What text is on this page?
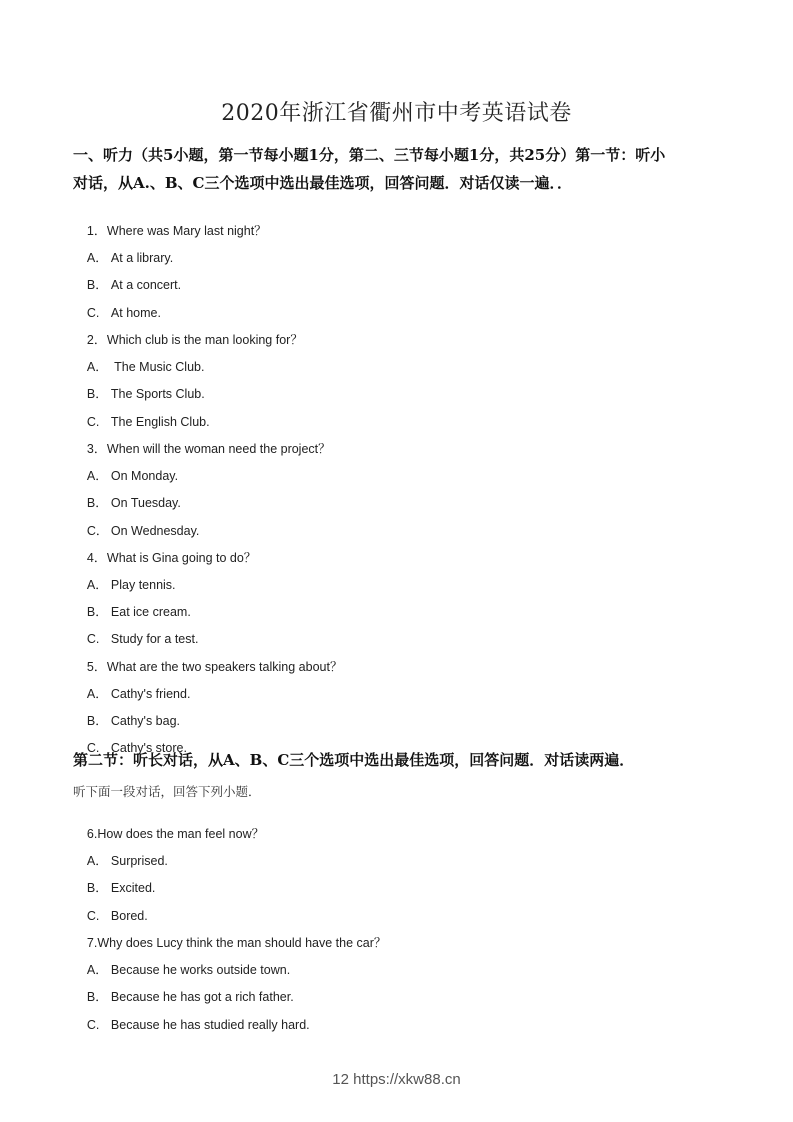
2020年浙江省衢州市中考英语试卷
一、听力（共5小题，第一节每小题1分，第二、三节每小题1分，共25分）第一节：听小
对话，从A.、B、C三个选项中选出最佳选项，回答问题．对话仅读一遍．．

1．Where was Mary last night？

A． At a library.

B． At a concert.

C. At home.

2．Which club is the man looking for？

A． The Music Club.

B． The Sports Club.

C. The English Club.

3．When will the woman need the project？

A． On Monday.

B． On Tuesday.

C． On Wednesday.

4．What is Gina going to do？

A． Play tennis.

B． Eat ice cream.

C. Study for a test.

5．What are the two speakers talking about？

A． Cathy's friend.

B． Cathy's bag.

C. Cathy's store.

第二节：听长对话，从A、B、C三个选项中选出最佳选项，回答问题．对话读两遍．
听下面一段对话，回答下列小题．

6.How does the man feel now？

A． Surprised.

B． Excited.

C. Bored.

7.Why does Lucy think the man should have the car？

A． Because he works outside town.

B． Because he has got a rich father.

C. Because he has studied really hard.

12 https://xkw88.cn
